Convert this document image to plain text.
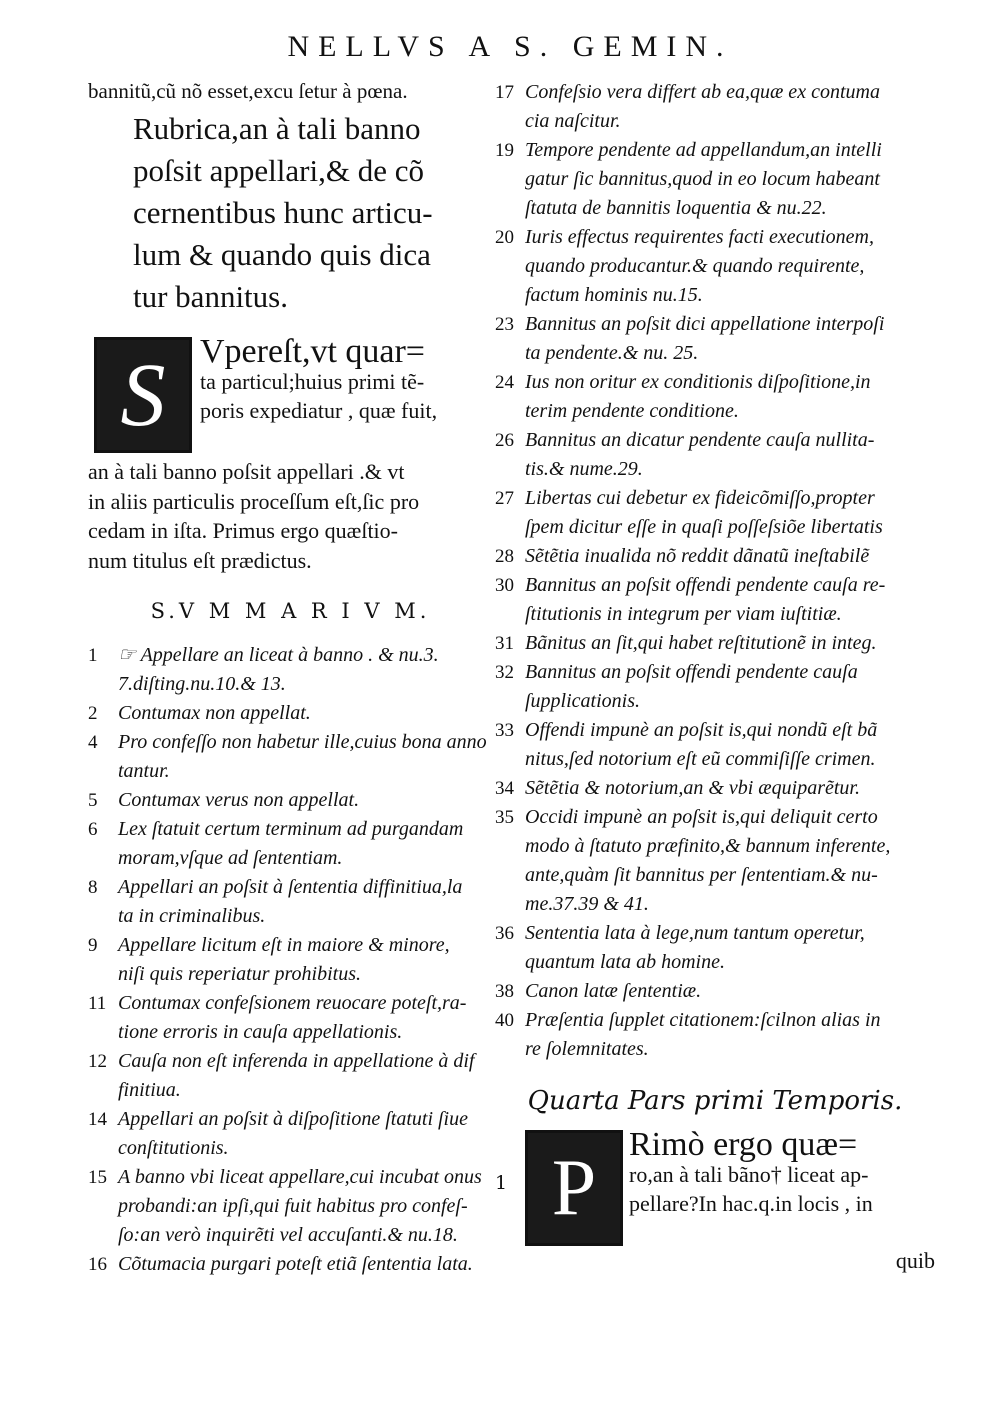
NELLVS A S. GEMIN.
bannitũ,cũ nõ esset,excu ſetur à pœna.
Rubrica,an à tali banno
poſsit appellari,& de cõ
cernentibus hunc articu-
lum & quando quis dica
tur bannitus.
S	Vpereſt,vt quar=
ta particul;huius primi tẽ-
poris expediatur , quæ fuit,
an à tali banno poſsit appellari .& vt
in aliis particulis proceſſum eſt,ſic pro
cedam in iſta. Primus ergo quæſtio-
num titulus eſt prædictus.
S.V M M A R I V M.
1	☞ Appellare an liceat à banno . & nu.3.
7.diſting.nu.10.& 13.
2	Contumax non appellat.
4	Pro confeſſo non habetur ille,cuius bona anno
tantur.
5	Contumax verus non appellat.
6	Lex ſtatuit certum terminum ad purgandam
moram,vſque ad ſententiam.
8	Appellari an poſsit à ſententia diffinitiua,la
ta in criminalibus.
9	Appellare licitum eſt in maiore & minore,
niſi quis reperiatur prohibitus.
11 Contumax confeſsionem reuocare poteſt,ra-
tione erroris in cauſa appellationis.
12 Cauſa non eſt inferenda in appellatione à dif
finitiua.
14 Appellari an poſsit à diſpoſitione ſtatuti ſiue
conſtitutionis.
15 A banno vbi liceat appellare,cui incubat onus
probandi:an ipſi,qui fuit habitus pro confeſ-
ſo:an verò inquirẽti vel accuſanti.& nu.18.
16 Cõtumacia purgari poteſt etiã ſententia lata.
17 Confeſsio vera differt ab ea,quæ ex contuma
cia naſcitur.
19 Tempore pendente ad appellandum,an intelli
gatur ſic bannitus,quod in eo locum habeant
ſtatuta de bannitis loquentia & nu.22.
20 Iuris effectus requirentes facti executionem,
quando producantur.& quando requirente,
factum hominis nu.15.
23 Bannitus an poſsit dici appellatione interpoſi
ta pendente.& nu. 25.
24 Ius non oritur ex conditionis diſpoſitione,in
terim pendente conditione.
26 Bannitus an dicatur pendente cauſa nullita-
tis.& nume.29.
27 Libertas cui debetur ex fideicõmiſſo,propter
ſpem dicitur eſſe in quaſi poſſeſsiõe libertatis
28 Sẽtẽtia inualida nõ reddit dãnatũ ineſtabilẽ
30 Bannitus an poſsit offendi pendente cauſa re-
ſtitutionis in integrum per viam iuſtitiæ.
31 Bãnitus an ſit,qui habet reſtitutionẽ in integ.
32 Bannitus an poſsit offendi pendente cauſa
ſupplicationis.
33 Offendi impunè an poſsit is,qui nondũ eſt bã
nitus,ſed notorium eſt eũ commiſiſſe crimen.
34 Sẽtẽtia & notorium,an & vbi æquiparẽtur.
35 Occidi impunè an poſsit is,qui deliquit certo
modo à ſtatuto præfinito,& bannum inferente,
ante,quàm ſit bannitus per ſententiam.& nu-
me.37.39 & 41.
36 Sententia lata à lege,num tantum operetur,
quantum lata ab homine.
38 Canon latæ ſententiæ.
40 Præſentia ſupplet citationem:ſcilnon alias in
re ſolemnitates.
Quarta Pars primi Temporis.
P Rimò ergo quæ=
ro,an à tali bãno† liceat ap-
pellare?In hac.q.in locis , in
quib
1
